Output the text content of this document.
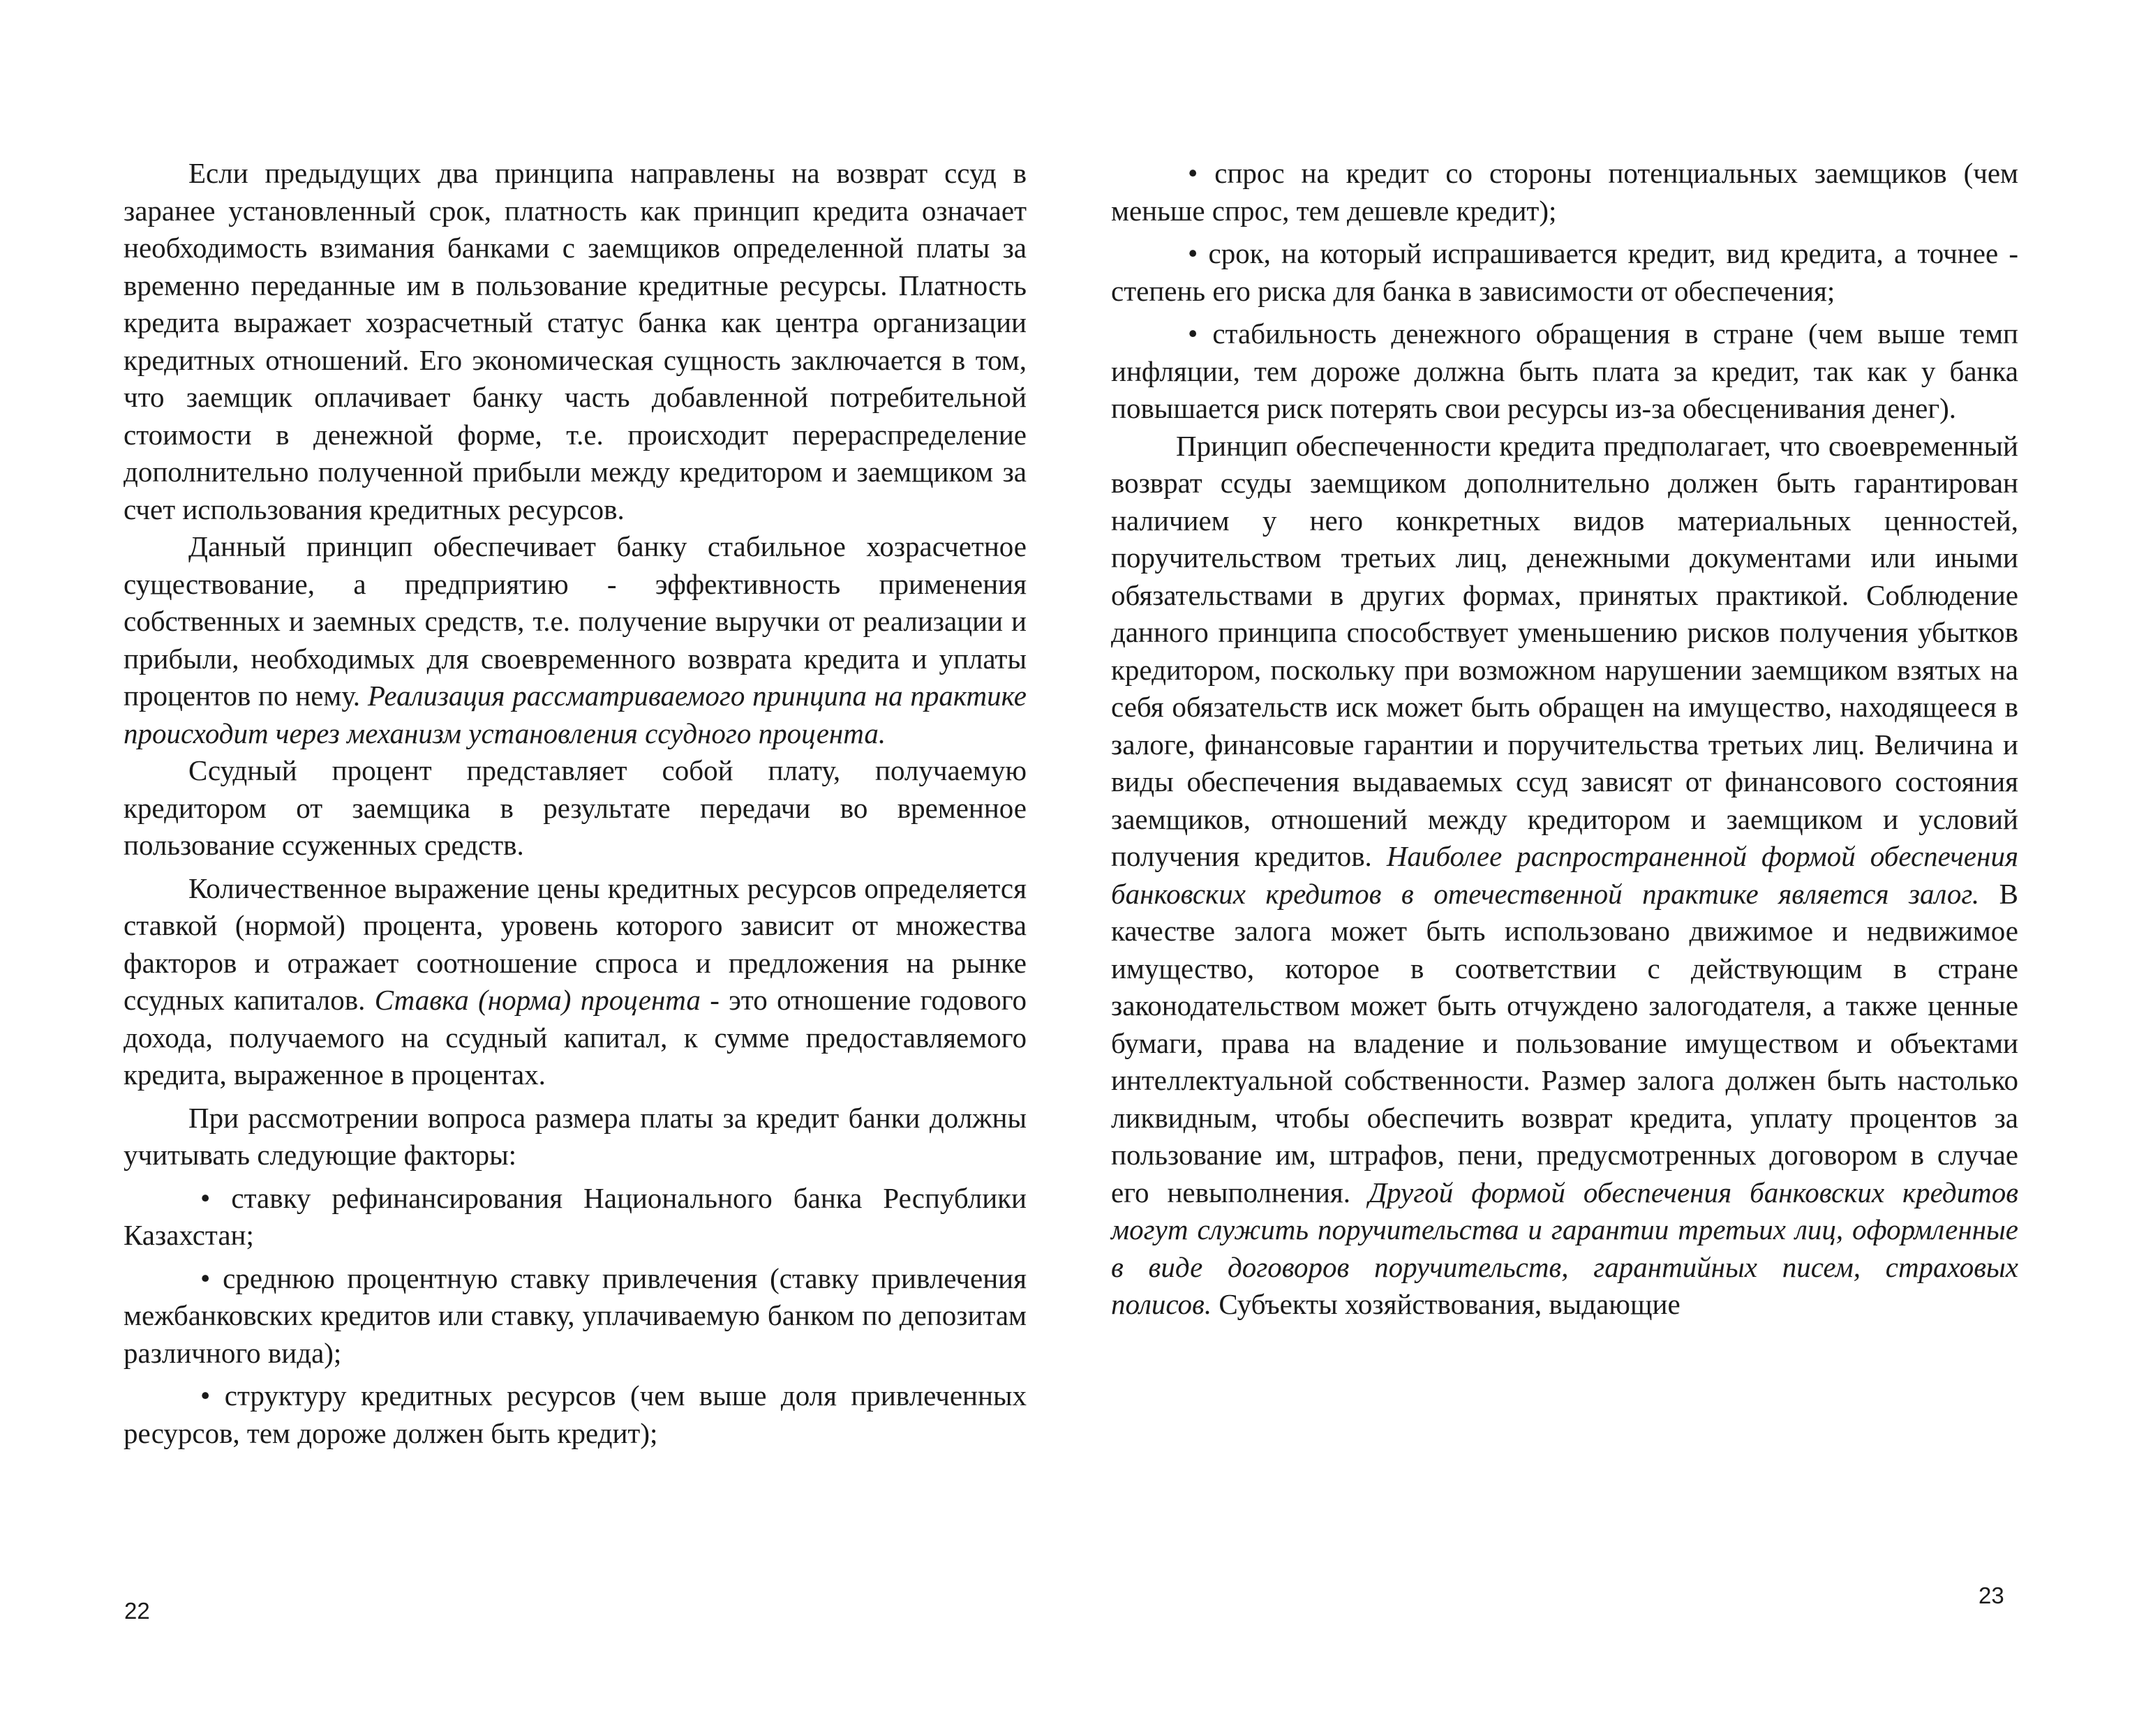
Если предыдущих два принципа направлены на возврат ссуд в заранее установленный срок, платность как принцип кредита означает необходимость взимания банками с заемщиков определенной платы за временно переданные им в пользование кредитные ресурсы. Платность кредита выражает хозрасчетный статус банка как центра организации кредитных отношений. Его экономическая сущность заключается в том, что заемщик оплачивает банку часть добавленной потребительной стоимости в денежной форме, т.е. происходит перераспределение дополнительно полученной прибыли между кредитором и заемщиком за счет использования кредитных ресурсов.

Данный принцип обеспечивает банку стабильное хозрасчетное существование, а предприятию - эффективность применения собственных и заемных средств, т.е. получение выручки от реализации и прибыли, необходимых для своевременного возврата кредита и уплаты процентов по нему. Реализация рассматриваемого принципа на практике происходит через механизм установления ссудного процента.

Ссудный процент представляет собой плату, получаемую кредитором от заемщика в результате передачи во временное пользование ссуженных средств.

Количественное выражение цены кредитных ресурсов определяется ставкой (нормой) процента, уровень которого зависит от множества факторов и отражает соотношение спроса и предложения на рынке ссудных капиталов. Ставка (норма) процента - это отношение годового дохода, получаемого на ссудный капитал, к сумме предоставляемого кредита, выраженное в процентах.

При рассмотрении вопроса размера платы за кредит банки должны учитывать следующие факторы:

• ставку рефинансирования Национального банка Республики Казахстан;

• среднюю процентную ставку привлечения (ставку привлечения межбанковских кредитов или ставку, уплачиваемую банком по депозитам различного вида);

• структуру кредитных ресурсов (чем выше доля привлеченных ресурсов, тем дороже должен быть кредит);

22

• спрос на кредит со стороны потенциальных заемщиков (чем меньше спрос, тем дешевле кредит);

• срок, на который испрашивается кредит, вид кредита, а точнее - степень его риска для банка в зависимости от обеспечения;

• стабильность денежного обращения в стране (чем выше темп инфляции, тем дороже должна быть плата за кредит, так как у банка повышается риск потерять свои ресурсы из-за обесценивания денег).

Принцип обеспеченности кредита предполагает, что своевременный возврат ссуды заемщиком дополнительно должен быть гарантирован наличием у него конкретных видов материальных ценностей, поручительством третьих лиц, денежными документами или иными обязательствами в других формах, принятых практикой. Соблюдение данного принципа способствует уменьшению рисков получения убытков кредитором, поскольку при возможном нарушении заемщиком взятых на себя обязательств иск может быть обращен на имущество, находящееся в залоге, финансовые гарантии и поручительства третьих лиц. Величина и виды обеспечения выдаваемых ссуд зависят от финансового состояния заемщиков, отношений между кредитором и заемщиком и условий получения кредитов. Наиболее распространенной формой обеспечения банковских кредитов в отечественной практике является залог. В качестве залога может быть использовано движимое и недвижимое имущество, которое в соответствии с действующим в стране законодательством может быть отчуждено залогодателя, а также ценные бумаги, права на владение и пользование имуществом и объектами интеллектуальной собственности. Размер залога должен быть настолько ликвидным, чтобы обеспечить возврат кредита, уплату процентов за пользование им, штрафов, пени, предусмотренных договором в случае его невыполнения. Другой формой обеспечения банковских кредитов могут служить поручительства и гарантии третьих лиц, оформленные в виде договоров поручительств, гарантийных писем, страховых полисов. Субъекты хозяйствования, выдающие

23
